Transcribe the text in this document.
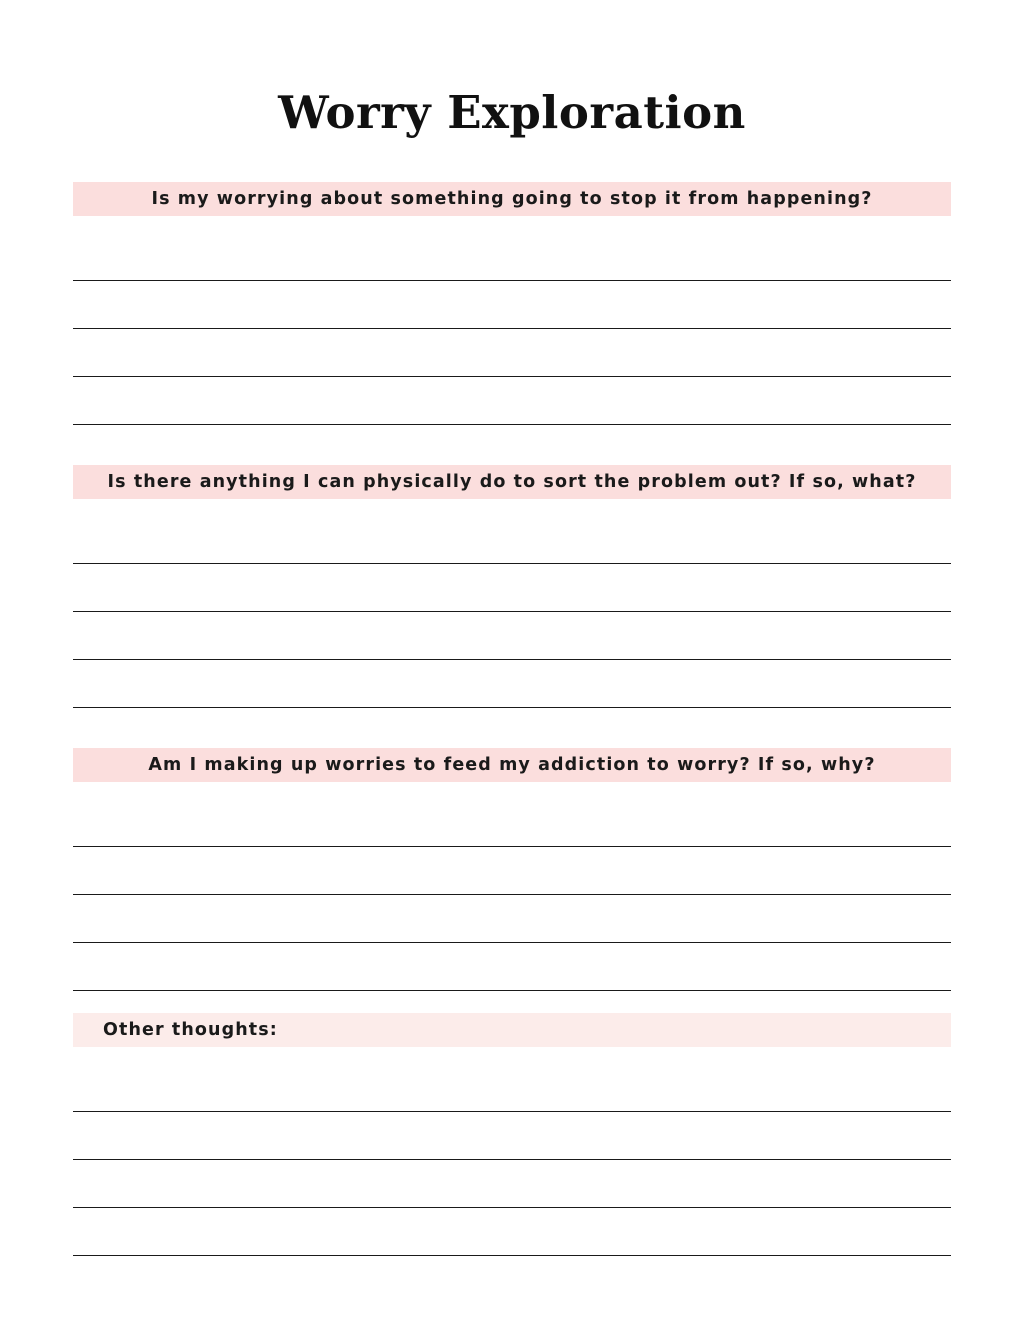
Worry Exploration
Is my worrying about something going to stop it from happening?
Is there anything I can physically do to sort the problem out? If so, what?
Am I making up worries to feed my addiction to worry? If so, why?
Other thoughts:
